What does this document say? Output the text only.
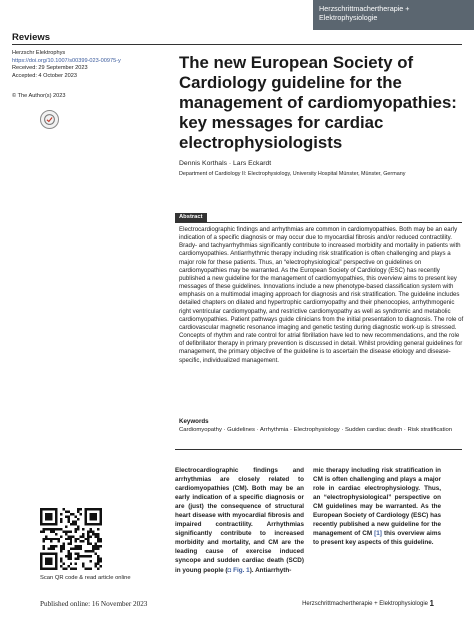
Herzschrittmachertherapie +
Elektrophysiologie
Reviews
Herzschr Elektrophys
https://doi.org/10.1007/s00399-023-00975-y
Received: 29 September 2023
Accepted: 4 October 2023
© The Author(s) 2023
The new European Society of Cardiology guideline for the management of cardiomyopathies: key messages for cardiac electrophysiologists
Dennis Korthals · Lars Eckardt
Department of Cardiology II: Electrophysiology, University Hospital Münster, Münster, Germany
Abstract

Electrocardiographic findings and arrhythmias are common in cardiomyopathies. Both may be an early indication of a specific diagnosis or may occur due to myocardial fibrosis and/or reduced contractility. Brady- and tachyarrhythmias significantly contribute to increased morbidity and mortality in patients with cardiomyopathies. Antiarrhythmic therapy including risk stratification is often challenging and plays a major role for these patients. Thus, an “electrophysiological” perspective on guidelines on cardiomyopathies may be warranted. As the European Society of Cardiology (ESC) has recently published a new guideline for the management of cardiomyopathies, this overview aims to present key messages of these guidelines. Innovations include a new phenotype-based classification system with emphasis on a multimodal imaging approach for diagnosis and risk stratification. The guideline includes detailed chapters on dilated and hypertrophic cardiomyopathy and their phenocopies, arrhythmogenic right ventricular cardiomyopathy, and restrictive cardiomyopathy as well as syndromic and metabolic cardiomyopathies. Patient pathways guide clinicians from the initial presentation to diagnosis. The role of cardiovascular magnetic resonance imaging and genetic testing during diagnostic work-up is stressed. Concepts of rhythm and rate control for atrial fibrillation have led to new recommendations, and the role of defibrillator therapy in primary prevention is discussed in detail. Whilst providing general guidelines for management, the primary objective of the guideline is to ascertain the disease etiology and disease-specific, individualized management.

Keywords
Cardiomyopathy · Guidelines · Arrhythmia · Electrophysiology · Sudden cardiac death · Risk stratification
Electrocardiographic findings and arrhythmias are closely related to cardiomyopathies (CM). Both may be an early indication of a specific diagnosis or are (just) the consequence of structural heart disease with myocardial fibrosis and impaired contractility. Arrhythmias significantly contribute to increased morbidity and mortality, and CM are the leading cause of exercise induced syncope and sudden cardiac death (SCD) in young people (◘ Fig. 1). Antiarrhyth-
mic therapy including risk stratification in CM is often challenging and plays a major role in cardiac electrophysiology. Thus, an “electrophysiological” perspective on CM guidelines may be warranted. As the European Society of Cardiology (ESC) has recently published a new guideline for the management of CM [1] this overview aims to present key aspects of this guideline.
Scan QR code & read article online
Published online: 16 November 2023	Herzschrittmachertherapie + Elektrophysiologie 1
